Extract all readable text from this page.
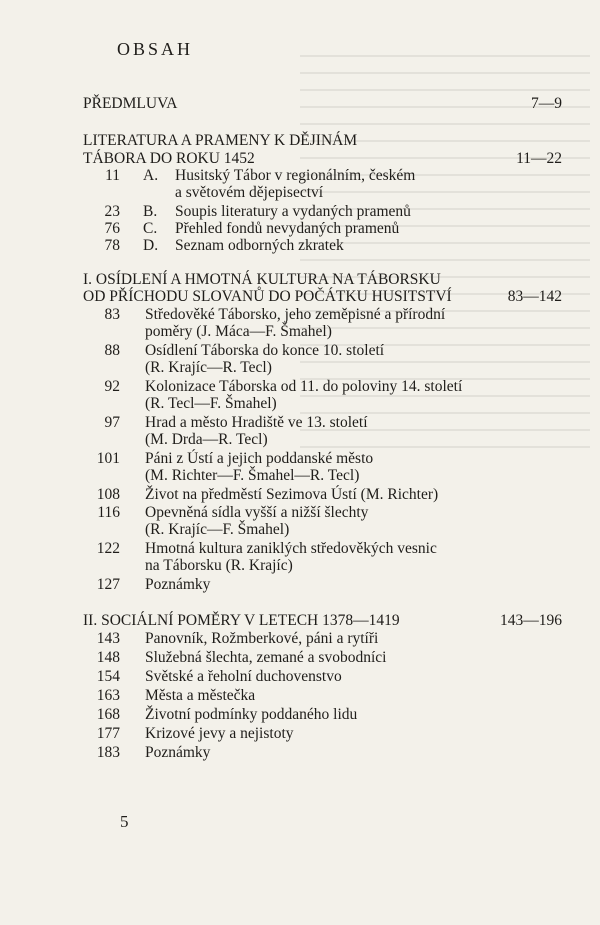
OBSAH
PŘEDMLUVA	7—9
LITERATURA A PRAMENY K DĚJINÁM
TÁBORA DO ROKU 1452	11—22
11 A. Husitský Tábor v regionálním, českém
a světovém dějepisectví
23 B. Soupis literatury a vydaných pramenů
76 C. Přehled fondů nevydaných pramenů
78 D. Seznam odborných zkratek
I. OSÍDLENÍ A HMOTNÁ KULTURA NA TÁBORSKU
OD PŘÍCHODU SLOVANŮ DO POČÁTKU HUSITSTVÍ	83—142
83 Středověké Táborsko, jeho zeměpisné a přírodní
poměry (J. Mácа—F. Šmahel)
88 Osídlení Táborska do konce 10. století
(R. Krajíc—R. Tecl)
92 Kolonizace Táborska od 11. do poloviny 14. století
(R. Tecl—F. Šmahel)
97 Hrad a město Hradiště ve 13. století
(M. Drda—R. Tecl)
101 Páni z Ústí a jejich poddanské město
(M. Richter—F. Šmahel—R. Tecl)
108 Život na předměstí Sezimova Ústí (M. Richter)
116 Opevněná sídla vyšší a nižší šlechty
(R. Krajíc—F. Šmahel)
122 Hmotná kultura zaniklých středověkých vesnic
na Táborsku (R. Krajíc)
127 Poznámky
II. SOCIÁLNÍ POMĚRY V LETECH 1378—1419	143—196
143 Panovník, Rožmberkové, páni a rytíři
148 Služebná šlechta, zemané a svobodníci
154 Světské a řeholní duchovenstvo
163 Města a městečka
168 Životní podmínky poddaného lidu
177 Krizové jevy a nejistoty
183 Poznámky
5
